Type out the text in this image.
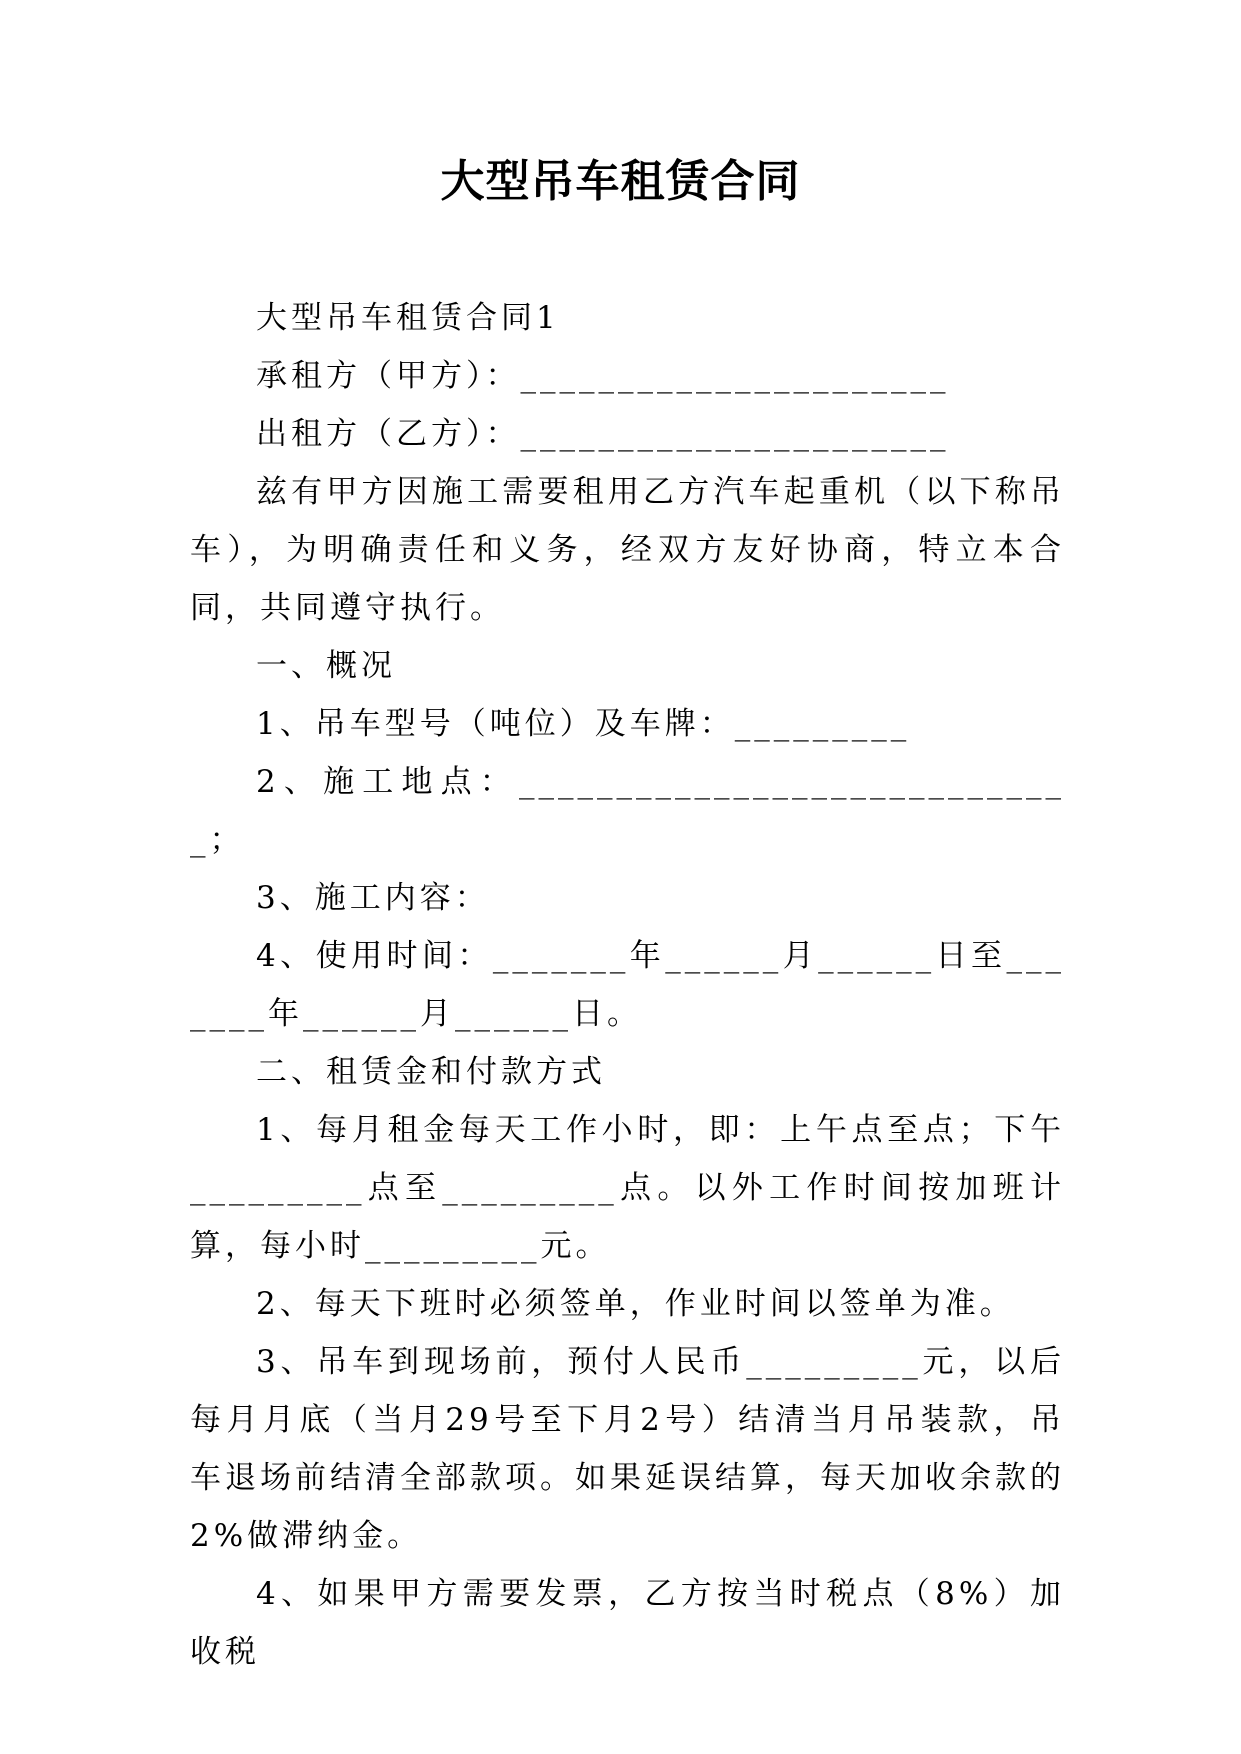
大型吊车租赁合同

大型吊车租赁合同1

承租方（甲方）：______________________

出租方（乙方）：______________________

兹有甲方因施工需要租用乙方汽车起重机（以下称吊车），为明确责任和义务，经双方友好协商，特立本合同，共同遵守执行。

一、概况

1、吊车型号（吨位）及车牌：_________

2、施工地点：_____________________________；

3、施工内容：

4、使用时间：_______年______月______日至_______年______月______日。

二、租赁金和付款方式

1、每月租金每天工作小时，即：上午点至点；下午_________点至_________点。以外工作时间按加班计算，每小时_________元。

2、每天下班时必须签单，作业时间以签单为准。

3、吊车到现场前，预付人民币_________元，以后每月月底（当月29号至下月2号）结清当月吊装款，吊车退场前结清全部款项。如果延误结算，每天加收余款的2%做滞纳金。

4、如果甲方需要发票，乙方按当时税点（8%）加收税
